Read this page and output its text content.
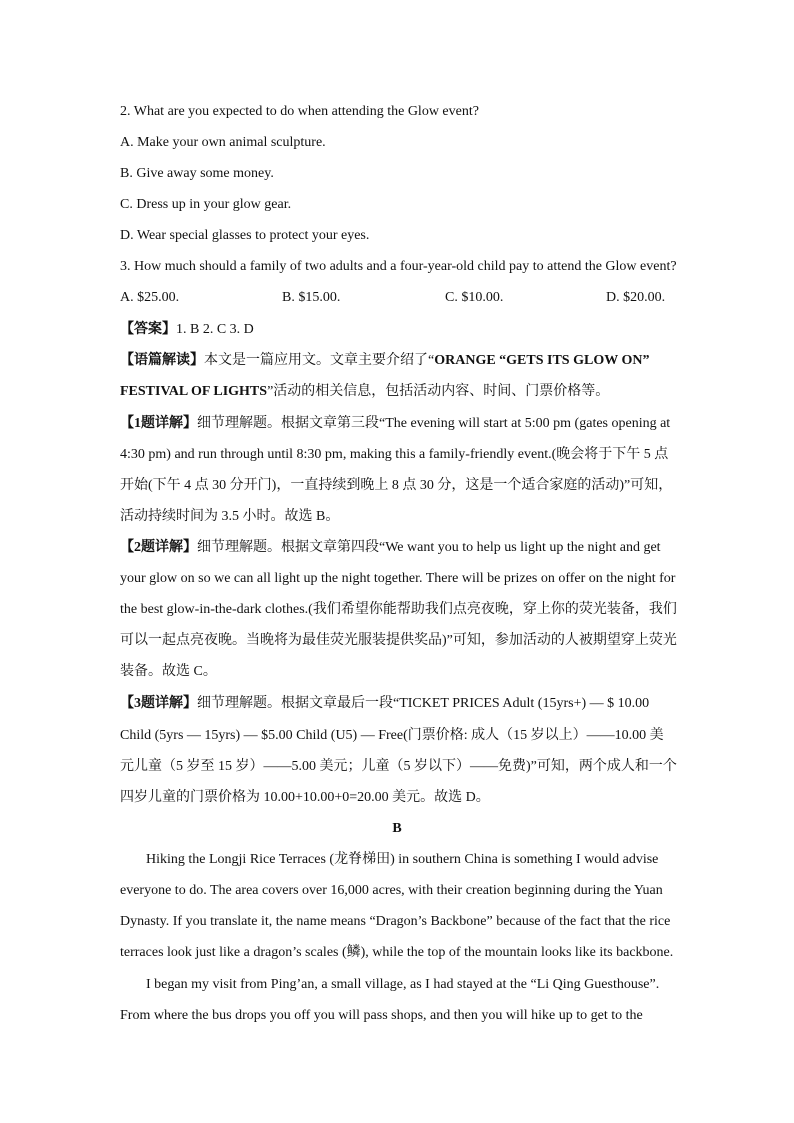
2. What are you expected to do when attending the Glow event?
A. Make your own animal sculpture.
B. Give away some money.
C. Dress up in your glow gear.
D. Wear special glasses to protect your eyes.
3. How much should a family of two adults and a four-year-old child pay to attend the Glow event?
A. $25.00.	B. $15.00.	C. $10.00.	D. $20.00.
【答案】1. B 2. C 3. D
【语篇解读】本文是一篇应用文。文章主要介绍了“ORANGE “GETS ITS GLOW ON”
FESTIVAL OF LIGHTS”活动的相关信息，包括活动内容、时间、门票价格等。
【1题详解】细节理解题。根据文章第三段“The evening will start at 5:00 pm (gates opening at
4:30 pm) and run through until 8:30 pm, making this a family-friendly event.(晚会将于下午 5 点
开始(下午 4 点 30 分开门)，一直持续到晚上 8 点 30 分，这是一个适合家庭的活动)”可知，
活动持续时间为 3.5 小时。故选 B。
【2题详解】细节理解题。根据文章第四段“We want you to help us light up the night and get
your glow on so we can all light up the night together. There will be prizes on offer on the night for
the best glow-in-the-dark clothes.(我们希望你能帮助我们点亮夜晚，穿上你的荧光装备，我们
可以一起点亮夜晚。当晚将为最佳荧光服装提供奖品)”可知，参加活动的人被期望穿上荧光
装备。故选 C。
【3题详解】细节理解题。根据文章最后一段“TICKET PRICES Adult (15yrs+) — $ 10.00
Child (5yrs — 15yrs) — $5.00 Child (U5) — Free(门票价格: 成人（15 岁以上）——10.00 美
元儿童（5 岁至 15 岁）——5.00 美元；儿童（5 岁以下）——免费)”可知，两个成人和一个
四岁儿童的门票价格为 10.00+10.00+0=20.00 美元。故选 D。
B
Hiking the Longji Rice Terraces (龙脊梯田) in southern China is something I would advise
everyone to do. The area covers over 16,000 acres, with their creation beginning during the Yuan
Dynasty. If you translate it, the name means “Dragon’s Backbone” because of the fact that the rice
terraces look just like a dragon’s scales (鳞), while the top of the mountain looks like its backbone.
I began my visit from Ping’an, a small village, as I had stayed at the “Li Qing Guesthouse”.
From where the bus drops you off you will pass shops, and then you will hike up to get to the
